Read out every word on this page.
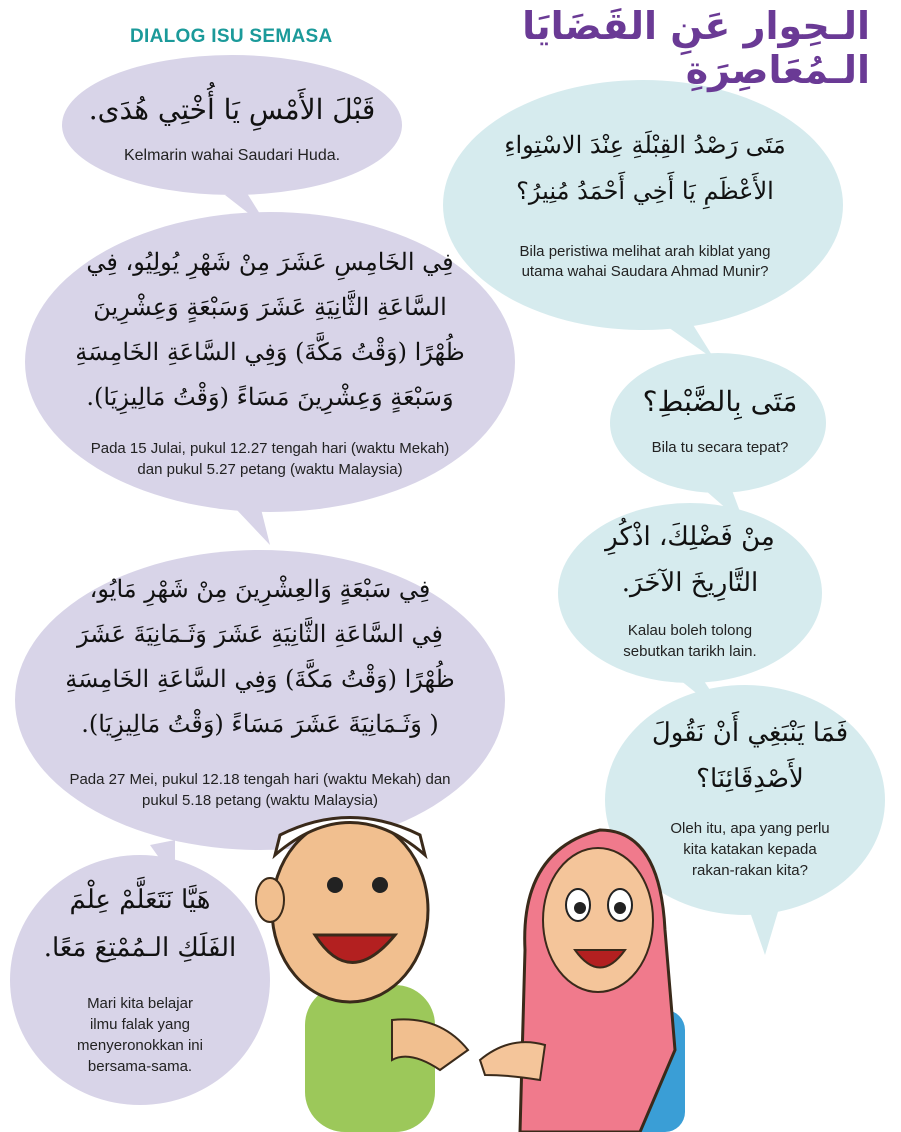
DIALOG ISU SEMASA	الـحِوار عَنِ القَضَايَا الـمُعَاصِرَةِ
قَبْلَ الأَمْسِ يَا أُخْتِي هُدَى.
Kelmarin wahai Saudari Huda.	مَتَى رَصْدُ القِبْلَةِ عِنْدَ الاسْتِواءِ
الأَعْظَمِ يَا أَخِي أَحْمَدُ مُنِيرُ؟
Bila peristiwa melihat arah kiblat yang
utama wahai Saudara Ahmad Munir?
فِي الخَامِسِ عَشَرَ مِنْ شَهْرِ يُولِيُو، فِي
السَّاعَةِ الثَّانِيَةِ عَشَرَ وَسَبْعَةٍ وَعِشْرِينَ
ظُهْرًا (وَقْتُ مَكَّةَ) وَفِي السَّاعَةِ الخَامِسَةِ
وَسَبْعَةٍ وَعِشْرِينَ مَسَاءً (وَقْتُ مَالِيزِيَا).
Pada 15 Julai, pukul 12.27 tengah hari (waktu Mekah)
dan pukul 5.27 petang (waktu Malaysia)
مَتَى بِالضَّبْطِ؟
Bila tu secara tepat?
مِنْ فَضْلِكَ، اذْكُرِ
التَّارِيخَ الآخَرَ.
Kalau boleh tolong
sebutkan tarikh lain.
فِي سَبْعَةٍ وَالعِشْرِينَ مِنْ شَهْرِ مَايُو،
فِي السَّاعَةِ الثَّانِيَةِ عَشَرَ وَثَـمَانِيَةَ عَشَرَ
ظُهْرًا (وَقْتُ مَكَّةَ) وَفِي السَّاعَةِ الخَامِسَةِ
( وَثَـمَانِيَةَ عَشَرَ مَسَاءً (وَقْتُ مَالِيزِيَا).
Pada 27 Mei, pukul 12.18 tengah hari (waktu Mekah) dan
pukul 5.18 petang (waktu Malaysia)
فَمَا يَنْبَغِي أَنْ نَقُولَ
لأَصْدِقَائِنَا؟
Oleh itu, apa yang perlu
kita katakan kepada
rakan-rakan kita?
هَيَّا نَتَعَلَّمْ عِلْمَ
الفَلَكِ الـمُمْتِعَ مَعًا.
Mari kita belajar
ilmu falak yang
menyeronokkan ini
bersama-sama.
